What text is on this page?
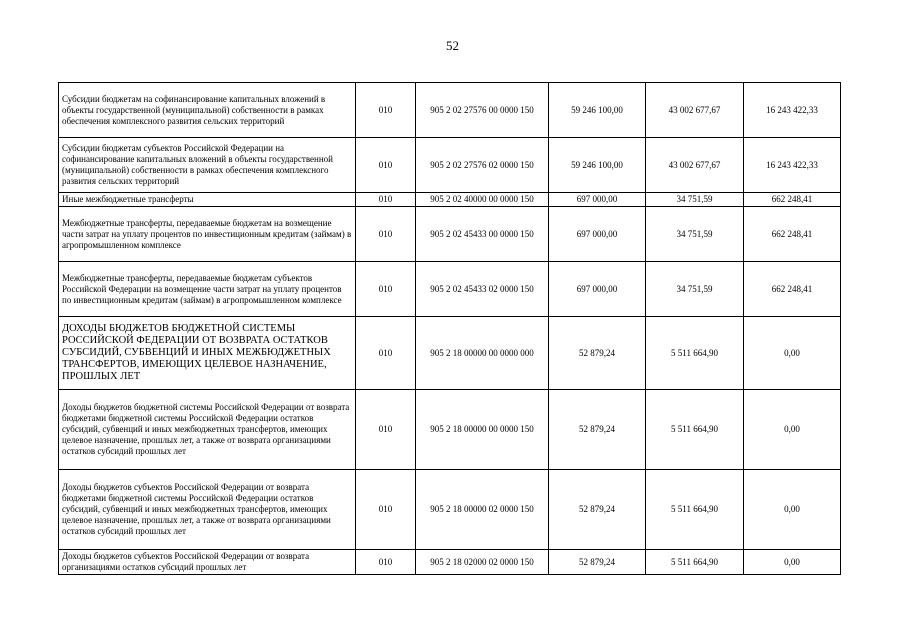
52
Субсидии бюджетам на софинансирование капитальных вложений в объекты государственной (муниципальной) собственности в рамках обеспечения комплексного развития сельских территорий	010	905 2 02 27576 00 0000 150	59 246 100,00	43 002 677,67	16 243 422,33
Субсидии бюджетам субъектов Российской Федерации на софинансирование капитальных вложений в объекты государственной (муниципальной) собственности в рамках обеспечения комплексного развития сельских территорий	010	905 2 02 27576 02 0000 150	59 246 100,00	43 002 677,67	16 243 422,33
Иные межбюджетные трансферты	010	905 2 02 40000 00 0000 150	697 000,00	34 751,59	662 248,41
Межбюджетные трансферты, передаваемые бюджетам на возмещение части затрат на уплату процентов по инвестиционным кредитам (займам) в агропромышленном комплексе	010	905 2 02 45433 00 0000 150	697 000,00	34 751,59	662 248,41
Межбюджетные трансферты, передаваемые бюджетам субъектов Российской Федерации на возмещение части затрат на уплату процентов по инвестиционным кредитам (займам) в агропромышленном комплексе	010	905 2 02 45433 02 0000 150	697 000,00	34 751,59	662 248,41
ДОХОДЫ БЮДЖЕТОВ БЮДЖЕТНОЙ СИСТЕМЫ РОССИЙСКОЙ ФЕДЕРАЦИИ ОТ ВОЗВРАТА ОСТАТКОВ СУБСИДИЙ, СУБВЕНЦИЙ И ИНЫХ МЕЖБЮДЖЕТНЫХ ТРАНСФЕРТОВ, ИМЕЮЩИХ ЦЕЛЕВОЕ НАЗНАЧЕНИЕ, ПРОШЛЫХ ЛЕТ	010	905 2 18 00000 00 0000 000	52 879,24	5 511 664,90	0,00
Доходы бюджетов бюджетной системы Российской Федерации от возврата бюджетами бюджетной системы Российской Федерации остатков субсидий, субвенций и иных межбюджетных трансфертов, имеющих целевое назначение, прошлых лет, а также от возврата организациями остатков субсидий прошлых лет	010	905 2 18 00000 00 0000 150	52 879,24	5 511 664,90	0,00
Доходы бюджетов субъектов Российской Федерации от возврата бюджетами бюджетной системы Российской Федерации остатков субсидий, субвенций и иных межбюджетных трансфертов, имеющих целевое назначение, прошлых лет, а также от возврата организациями остатков субсидий прошлых лет	010	905 2 18 00000 02 0000 150	52 879,24	5 511 664,90	0,00
Доходы бюджетов субъектов Российской Федерации от возврата организациями остатков субсидий прошлых лет	010	905 2 18 02000 02 0000 150	52 879,24	5 511 664,90	0,00
